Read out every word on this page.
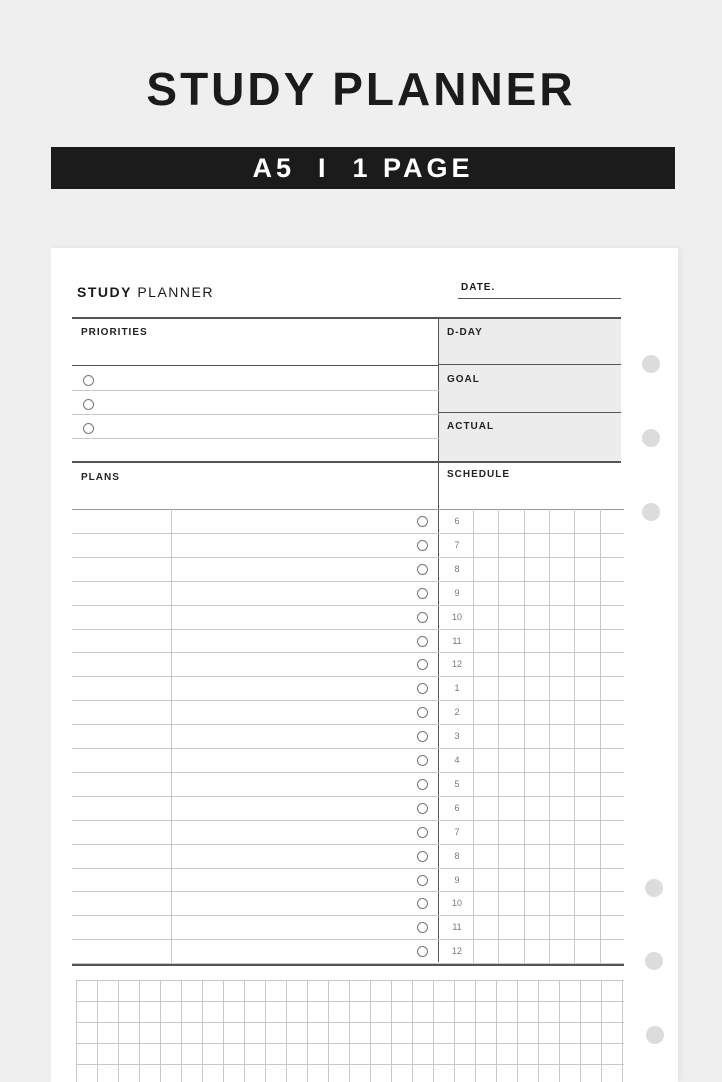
STUDY PLANNER
A5  I  1 PAGE
STUDY PLANNER	DATE.
PRIORITIES	D-DAY
GOAL
ACTUAL
PLANS	SCHEDULE
6
7
8
9
10
11
12
1
2
3
4
5
6
7
8
9
10
11
12
